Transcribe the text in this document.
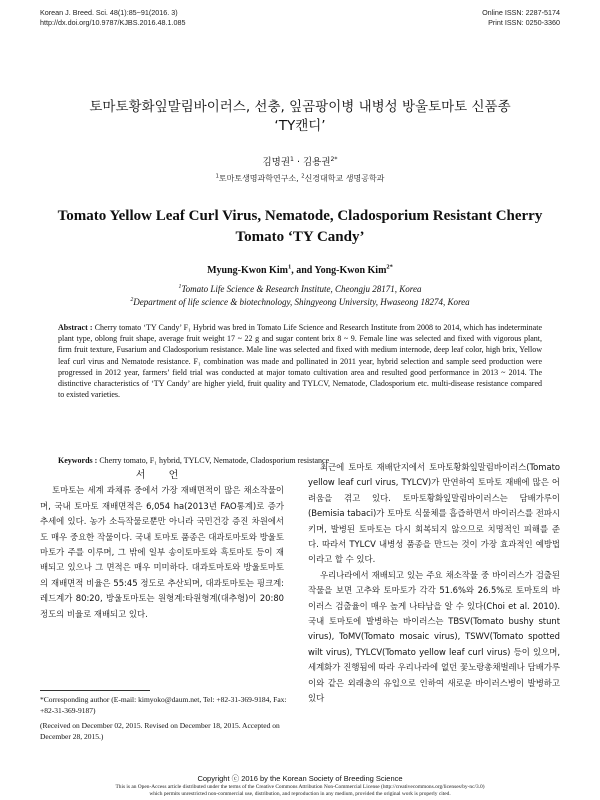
Korean J. Breed. Sci. 48(1):85~91(2016. 3)
http://dx.doi.org/10.9787/KJBS.2016.48.1.085
Online ISSN: 2287-5174
Print ISSN: 0250-3360
토마토황화잎말림바이러스, 선충, 잎곰팡이병 내병성 방울토마토 신품종
‘TY캔디’
김명권$^1$ · 김용권$^{2*}$
$^1$토마토생명과학연구소, $^2$신경대학교 생명공학과
Tomato Yellow Leaf Curl Virus, Nematode, Cladosporium Resistant Cherry
Tomato ‘TY Candy’
Myung-Kwon Kim$^1$, and Yong-Kwon Kim$^{2*}$
$^1$Tomato Life Science & Research Institute, Cheongju 28171, Korea
$^2$Department of life science & biotechnology, Shingyeong University, Hwaseong 18274, Korea
Abstract : Cherry tomato ‘TY Candy’ F₁ Hybrid was bred in Tomato Life Science and Research Institute from 2008 to 2014, which has indeterminate plant type, oblong fruit shape, average fruit weight 17 ~ 22 g and sugar content brix 8 ~ 9. Female line was selected and fixed with vigorous plant, firm fruit texture, Fusarium and Cladosporium resistance. Male line was selected and fixed with medium internode, deep leaf color, high brix, Yellow leaf curl virus and Nematode resistance. F₁ combination was made and pollinated in 2011 year, hybrid selection and sample seed production were progressed in 2012 year, farmers’ field trial was conducted at major tomato cultivation area and resulted good performance in 2013 ~ 2014. The distinctive characteristics of ‘TY Candy’ are higher yield, fruit quality and TYLCV, Nematode, Cladosporium etc. multi-disease resistance compared to existed varieties.
Keywords : Cherry tomato, F₁ hybrid, TYLCV, Nematode, Cladosporium resistance

서 언

토마토는 세계 과채류 중에서 가장 재배면적이 많은 채소작물이며, 국내 토마토 재배면적은 6,054 ha(2013년 FAO통계)로 증가 추세에 있다. 농가 소득작물로뿐만 아니라 국민건강 증진 차원에서도 매우 중요한 작물이다. 국내 토마토 품종은 대과토마토와 방울토마토가 주를 이루며, 그 밖에 일부 송이토마토와 흑토마토 등이 재배되고 있으나 그 면적은 매우 미미하다. 대과토마토와 방울토마토의 재배면적 비율은 55:45 정도로 추산되며, 대과토마토는 핑크계:레드계가 80:20, 방울토마토는 원형계:타원형계(대추형)이 20:80 정도의 비율로 재배되고 있다.

최근에 토마토 재배단지에서 토마토황화잎말림바이러스(Tomato yellow leaf curl virus, TYLCV)가 만연하여 토마토 재배에 많은 어려움을 겪고 있다. 토마토황화잎말림바이러스는 담배가루이(Bemisia tabaci)가 토마토 식물체를 흡즙하면서 바이러스를 전파시키며, 발병된 토마토는 다시 회복되지 않으므로 치명적인 피해를 준다. 따라서 TYLCV 내병성 품종을 만드는 것이 가장 효과적인 예방법이라고 할 수 있다.

우리나라에서 재배되고 있는 주요 채소작물 중 바이러스가 검출된 작물을 보면 고추와 토마토가 각각 51.6%와 26.5%로 토마토의 바이러스 검출율이 매우 높게 나타남을 알 수 있다(Choi et al. 2010). 국내 토마토에 발병하는 바이러스는 TBSV(Tomato bushy stunt virus), ToMV(Tomato mosaic virus), TSWV(Tomato spotted wilt virus), TYLCV(Tomato yellow leaf curl virus) 등이 있으며, 세계화가 진행됨에 따라 우리나라에 없던 꽃노랑총채벌레나 담배가루이와 같은 외래충의 유입으로 인하여 새로운 바이러스병이 발병하고 있다

*Corresponding author (E-mail: kimyoko@daum.net, Tel: +82-31-369-9184, Fax: +82-31-369-9187)

(Received on December 02, 2015. Revised on December 18, 2015. Accepted on December 28, 2015.)

Copyright ⓒ 2016 by the Korean Society of Breeding Science
This is an Open-Access article distributed under the terms of the Creative Commons Attribution Non-Commercial License (http://creativecommons.org/licenses/by-nc/3.0)
which permits unrestricted non-commercial use, distribution, and reproduction in any medium, provided the original work is properly cited.
